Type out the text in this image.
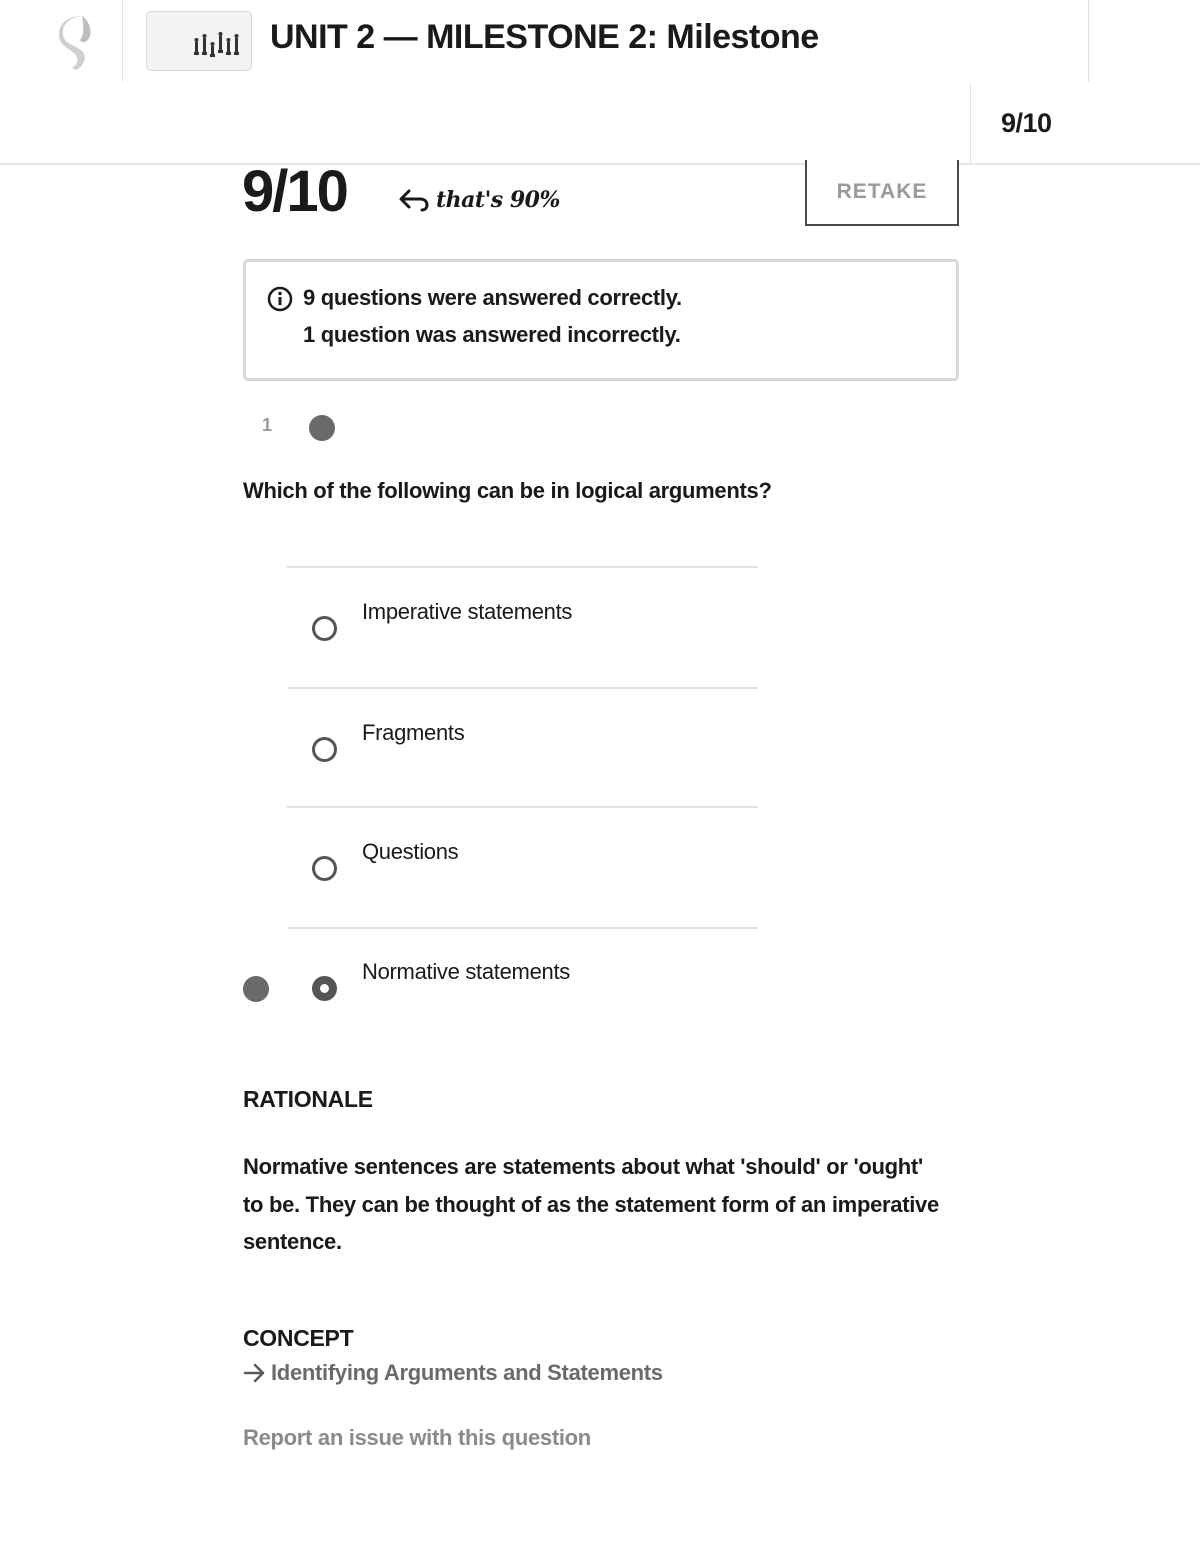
UNIT 2 — MILESTONE 2: Milestone
9/10
9/10	that's 90%	RETAKE
9 questions were answered correctly.
1 question was answered incorrectly.
1
Which of the following can be in logical arguments?
Imperative statements
Fragments
Questions
Normative statements
RATIONALE
Normative sentences are statements about what 'should' or 'ought' to be. They can be thought of as the statement form of an imperative sentence.
CONCEPT
Identifying Arguments and Statements
Report an issue with this question
